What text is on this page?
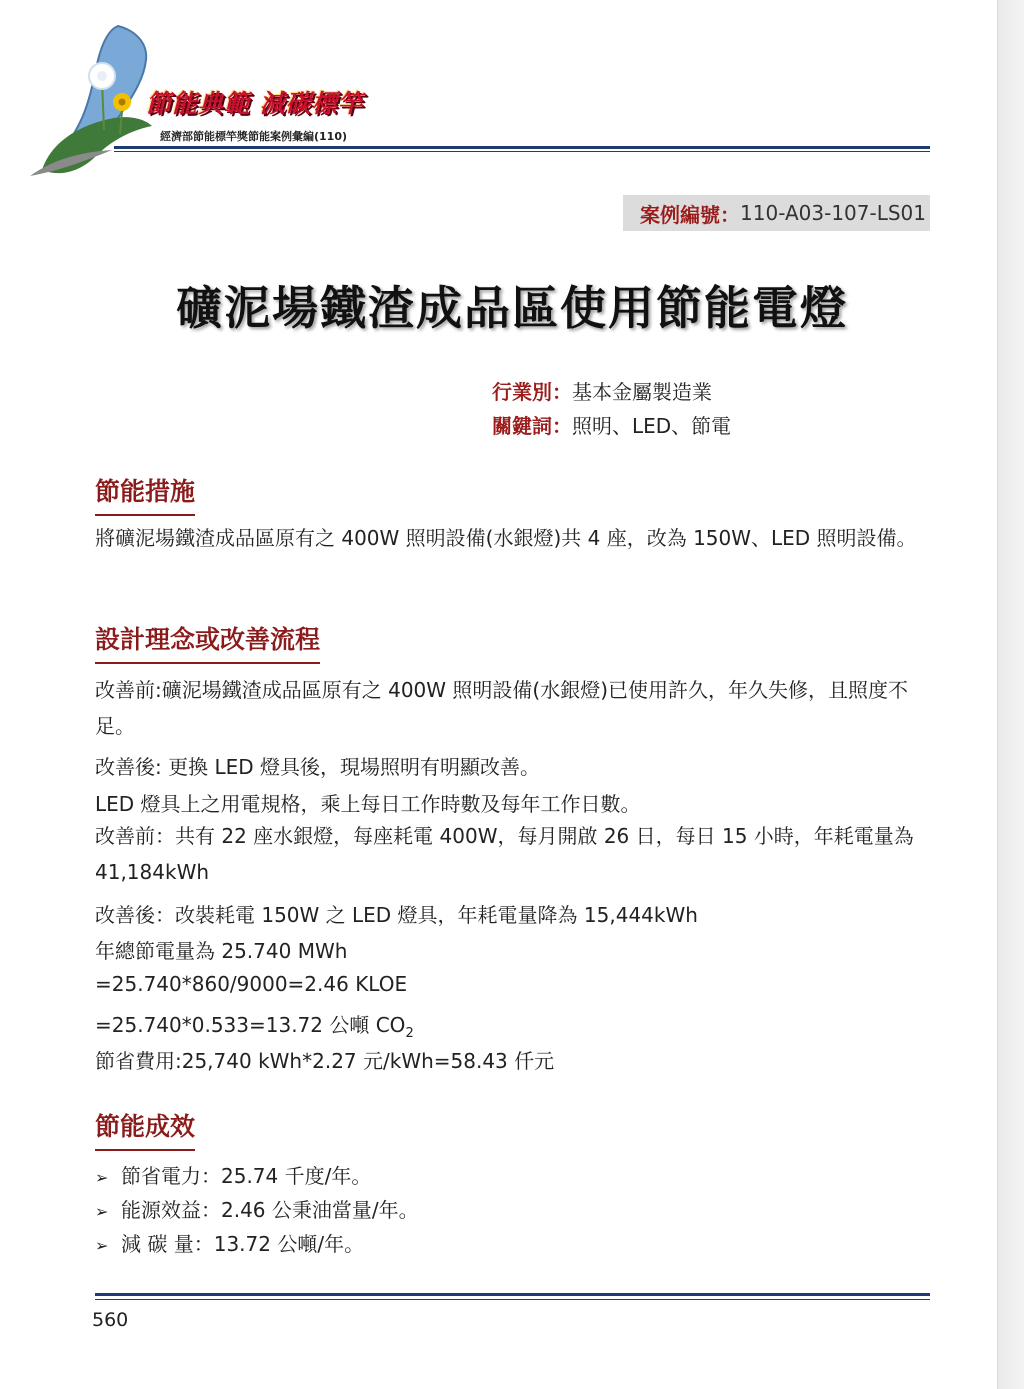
節能典範 減碳標竿

經濟部節能標竿獎節能案例彙編(110)

案例編號： 110-A03-107-LS01
礦泥場鐵渣成品區使用節能電燈
行業別：基本金屬製造業
關鍵詞：照明、LED、節電
節能措施

將礦泥場鐵渣成品區原有之 400W 照明設備(水銀燈)共 4 座，改為 150W、LED 照明設備。

設計理念或改善流程

改善前:礦泥場鐵渣成品區原有之 400W 照明設備(水銀燈)已使用許久，年久失修，且照度不足。

改善後: 更換 LED 燈具後，現場照明有明顯改善。

LED 燈具上之用電規格，乘上每日工作時數及每年工作日數。

改善前：共有 22 座水銀燈，每座耗電 400W，每月開啟 26 日，每日 15 小時，年耗電量為 41,184kWh

改善後：改裝耗電 150W 之 LED 燈具，年耗電量降為 15,444kWh

年總節電量為 25.740 MWh

=25.740*860/9000=2.46 KLOE

=25.740*0.533=13.72 公噸 $CO_2$

節省費用:25,740 kWh*2.27 元/kWh=58.43 仟元

節能成效
➢ 節省電力：25.74 千度/年。
➢ 能源效益：2.46 公秉油當量/年。
➢ 減 碳 量：13.72 公噸/年。
560
